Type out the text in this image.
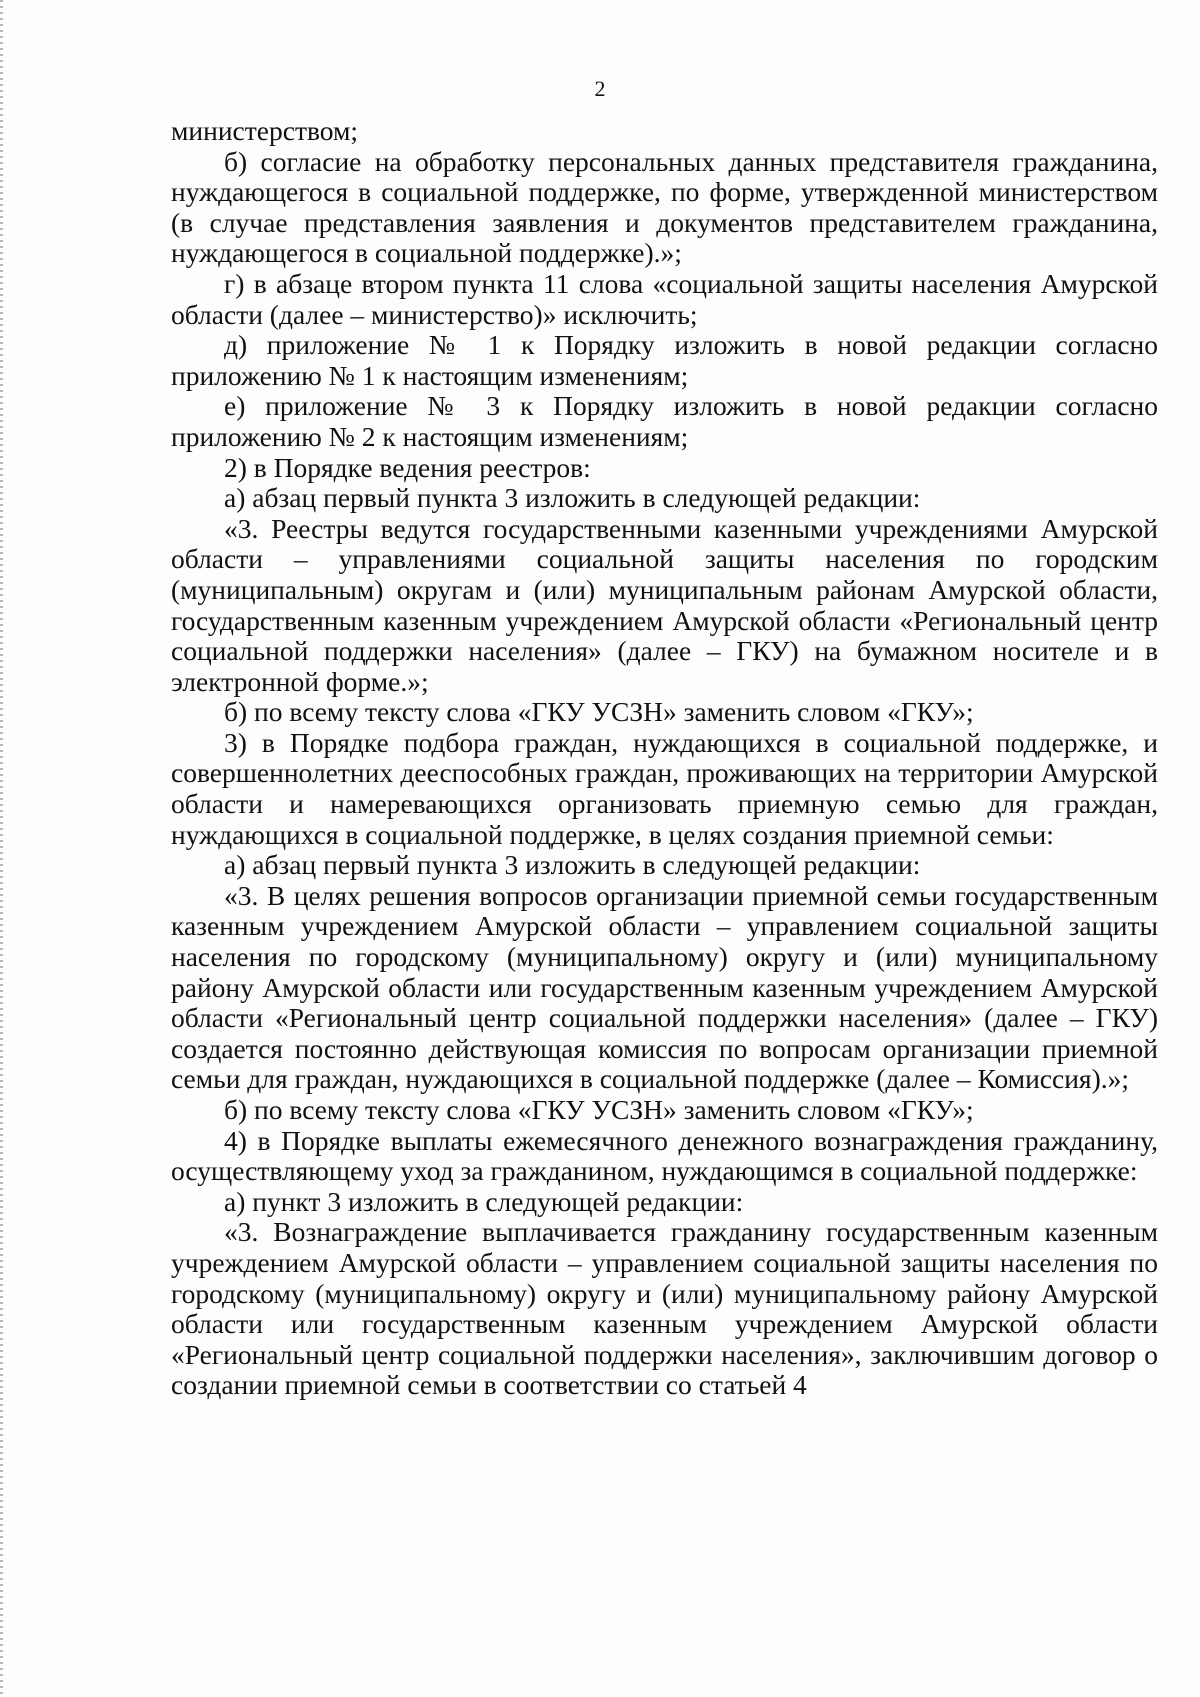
2

министерством;

б) согласие на обработку персональных данных представителя гражданина, нуждающегося в социальной поддержке, по форме, утвержденной министерством (в случае представления заявления и документов представителем гражданина, нуждающегося в социальной поддержке).»;

г) в абзаце втором пункта 11 слова «социальной защиты населения Амурской области (далее – министерство)» исключить;

д) приложение № 1 к Порядку изложить в новой редакции согласно приложению № 1 к настоящим изменениям;

е) приложение № 3 к Порядку изложить в новой редакции согласно приложению № 2 к настоящим изменениям;

2) в Порядке ведения реестров:

а) абзац первый пункта 3 изложить в следующей редакции:

«3. Реестры ведутся государственными казенными учреждениями Амурской области – управлениями социальной защиты населения по городским (муниципальным) округам и (или) муниципальным районам Амурской области, государственным казенным учреждением Амурской области «Региональный центр социальной поддержки населения» (далее – ГКУ) на бумажном носителе и в электронной форме.»;

б) по всему тексту слова «ГКУ УСЗН» заменить словом «ГКУ»;

3) в Порядке подбора граждан, нуждающихся в социальной поддержке, и совершеннолетних дееспособных граждан, проживающих на территории Амурской области и намеревающихся организовать приемную семью для граждан, нуждающихся в социальной поддержке, в целях создания приемной семьи:

а) абзац первый пункта 3 изложить в следующей редакции:

«3. В целях решения вопросов организации приемной семьи государственным казенным учреждением Амурской области – управлением социальной защиты населения по городскому (муниципальному) округу и (или) муниципальному району Амурской области или государственным казенным учреждением Амурской области «Региональный центр социальной поддержки населения» (далее – ГКУ) создается постоянно действующая комиссия по вопросам организации приемной семьи для граждан, нуждающихся в социальной поддержке (далее – Комиссия).»;

б) по всему тексту слова «ГКУ УСЗН» заменить словом «ГКУ»;

4) в Порядке выплаты ежемесячного денежного вознаграждения гражданину, осуществляющему уход за гражданином, нуждающимся в социальной поддержке:

а) пункт 3 изложить в следующей редакции:

«3. Вознаграждение выплачивается гражданину государственным казенным учреждением Амурской области – управлением социальной защиты населения по городскому (муниципальному) округу и (или) муниципальному району Амурской области или государственным казенным учреждением Амурской области «Региональный центр социальной поддержки населения», заключившим договор о создании приемной семьи в соответствии со статьей 4
